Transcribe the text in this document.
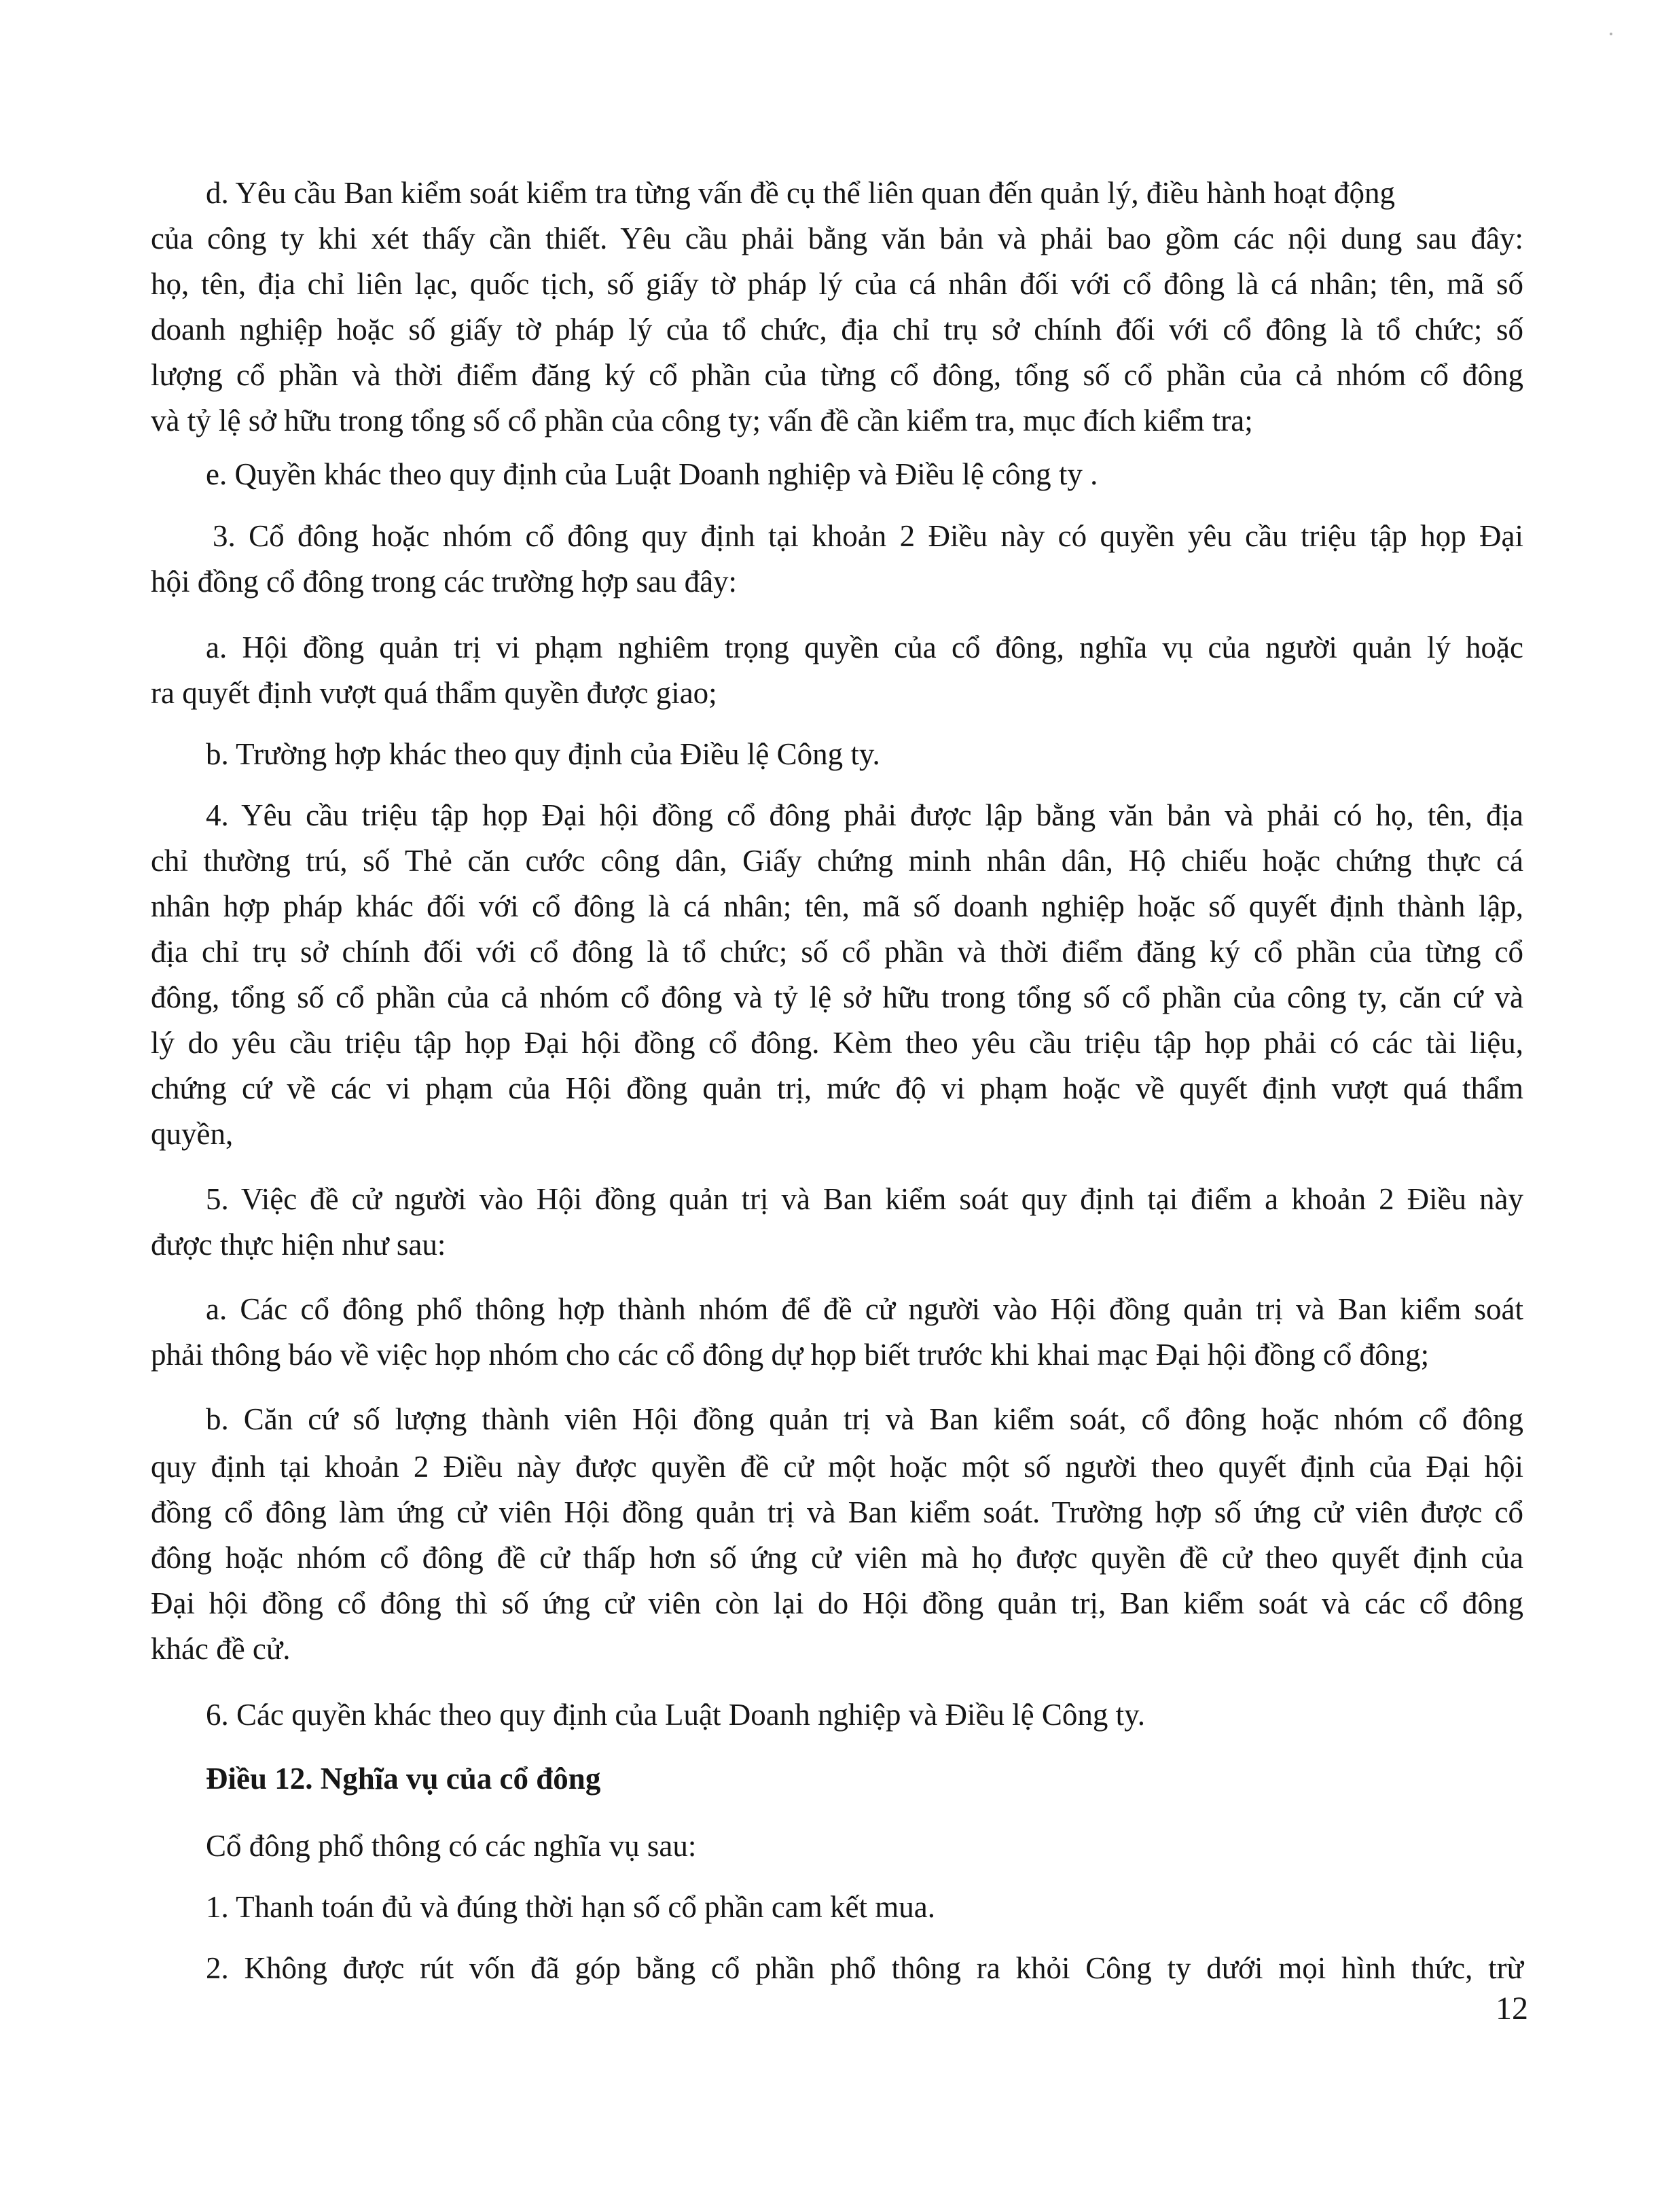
d. Yêu cầu Ban kiểm soát kiểm tra từng vấn đề cụ thể liên quan đến quản lý, điều hành hoạt động
của công ty khi xét thấy cần thiết. Yêu cầu phải bằng văn bản và phải bao gồm các nội dung sau đây:
họ, tên, địa chỉ liên lạc, quốc tịch, số giấy tờ pháp lý của cá nhân đối với cổ đông là cá nhân; tên, mã số
doanh nghiệp hoặc số giấy tờ pháp lý của tổ chức, địa chỉ trụ sở chính đối với cổ đông là tổ chức; số
lượng cổ phần và thời điểm đăng ký cổ phần của từng cổ đông, tổng số cổ phần của cả nhóm cổ đông
và tỷ lệ sở hữu trong tổng số cổ phần của công ty; vấn đề cần kiểm tra, mục đích kiểm tra;
e. Quyền khác theo quy định của Luật Doanh nghiệp và Điều lệ công ty .
3. Cổ đông hoặc nhóm cổ đông quy định tại khoản 2 Điều này có quyền yêu cầu triệu tập họp Đại
hội đồng cổ đông trong các trường hợp sau đây:
a. Hội đồng quản trị vi phạm nghiêm trọng quyền của cổ đông, nghĩa vụ của người quản lý hoặc
ra quyết định vượt quá thẩm quyền được giao;
b. Trường hợp khác theo quy định của Điều lệ Công ty.
4. Yêu cầu triệu tập họp Đại hội đồng cổ đông phải được lập bằng văn bản và phải có họ, tên, địa
chỉ thường trú, số Thẻ căn cước công dân, Giấy chứng minh nhân dân, Hộ chiếu hoặc chứng thực cá
nhân hợp pháp khác đối với cổ đông là cá nhân; tên, mã số doanh nghiệp hoặc số quyết định thành lập,
địa chỉ trụ sở chính đối với cổ đông là tổ chức; số cổ phần và thời điểm đăng ký cổ phần của từng cổ
đông, tổng số cổ phần của cả nhóm cổ đông và tỷ lệ sở hữu trong tổng số cổ phần của công ty, căn cứ và
lý do yêu cầu triệu tập họp Đại hội đồng cổ đông. Kèm theo yêu cầu triệu tập họp phải có các tài liệu,
chứng cứ về các vi phạm của Hội đồng quản trị, mức độ vi phạm hoặc về quyết định vượt quá thẩm
quyền,
5. Việc đề cử người vào Hội đồng quản trị và Ban kiểm soát quy định tại điểm a khoản 2 Điều này
được thực hiện như sau:
a. Các cổ đông phổ thông hợp thành nhóm để đề cử người vào Hội đồng quản trị và Ban kiểm soát
phải thông báo về việc họp nhóm cho các cổ đông dự họp biết trước khi khai mạc Đại hội đồng cổ đông;
b. Căn cứ số lượng thành viên Hội đồng quản trị và Ban kiểm soát, cổ đông hoặc nhóm cổ đông
quy định tại khoản 2 Điều này được quyền đề cử một hoặc một số người theo quyết định của Đại hội
đồng cổ đông làm ứng cử viên Hội đồng quản trị và Ban kiểm soát. Trường hợp số ứng cử viên được cổ
đông hoặc nhóm cổ đông đề cử thấp hơn số ứng cử viên mà họ được quyền đề cử theo quyết định của
Đại hội đồng cổ đông thì số ứng cử viên còn lại do Hội đồng quản trị, Ban kiểm soát và các cổ đông
khác đề cử.
6. Các quyền khác theo quy định của Luật Doanh nghiệp và Điều lệ Công ty.
Điều 12. Nghĩa vụ của cổ đông
Cổ đông phổ thông có các nghĩa vụ sau:
1. Thanh toán đủ và đúng thời hạn số cổ phần cam kết mua.
2. Không được rút vốn đã góp bằng cổ phần phổ thông ra khỏi Công ty dưới mọi hình thức, trừ
12
